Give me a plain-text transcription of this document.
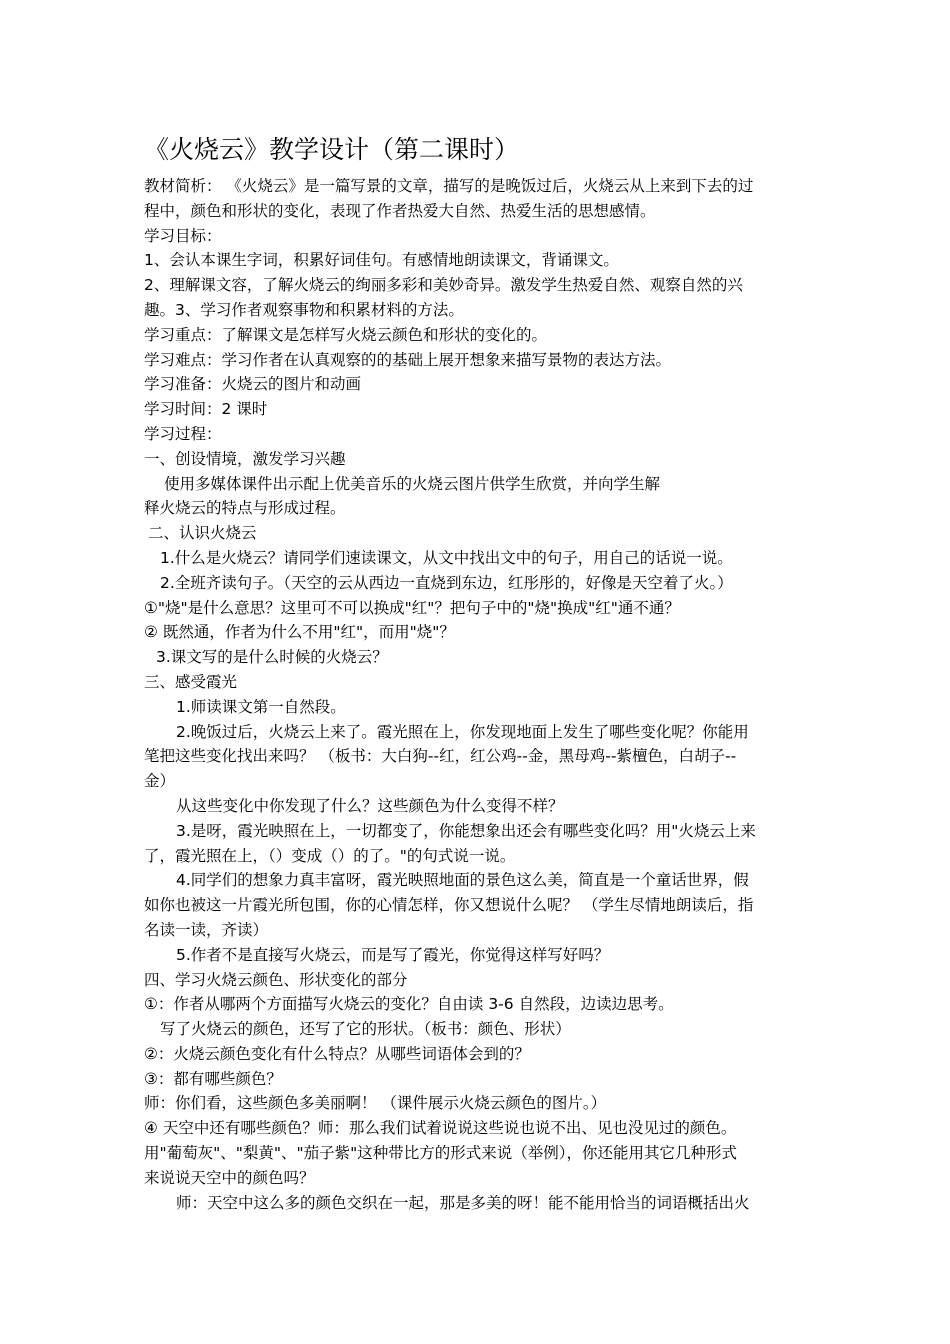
《火烧云》教学设计（第二课时）
教材简析： 《火烧云》是一篇写景的文章，描写的是晚饭过后，火烧云从上来到下去的过
程中，颜色和形状的变化，表现了作者热爱大自然、热爱生活的思想感情。
学习目标：
1、会认本课生字词，积累好词佳句。有感情地朗读课文，背诵课文。
2、理解课文容，了解火烧云的绚丽多彩和美妙奇异。激发学生热爱自然、观察自然的兴
趣。3、学习作者观察事物和积累材料的方法。
学习重点：了解课文是怎样写火烧云颜色和形状的变化的。
学习难点：学习作者在认真观察的的基础上展开想象来描写景物的表达方法。
学习准备：火烧云的图片和动画
学习时间：2 课时
学习过程：
一、创设情境，激发学习兴趣
使用多媒体课件出示配上优美音乐的火烧云图片供学生欣赏，并向学生解
释火烧云的特点与形成过程。
二、认识火烧云
1.什么是火烧云？请同学们速读课文，从文中找出文中的句子，用自己的话说一说。
2.全班齐读句子。（天空的云从西边一直烧到东边，红彤彤的，好像是天空着了火。）
①"烧"是什么意思？这里可不可以换成"红"？把句子中的"烧"换成"红"通不通？
② 既然通，作者为什么不用"红"，而用"烧"？
3.课文写的是什么时候的火烧云？
三、感受霞光
1.师读课文第一自然段。
2.晚饭过后，火烧云上来了。霞光照在上，你发现地面上发生了哪些变化呢？你能用
笔把这些变化找出来吗？ （板书：大白狗--红，红公鸡--金，黑母鸡--紫檀色，白胡子--
金）
从这些变化中你发现了什么？这些颜色为什么变得不样？
3.是呀，霞光映照在上，一切都变了，你能想象出还会有哪些变化吗？用"火烧云上来
了，霞光照在上，（）变成（）的了。"的句式说一说。
4.同学们的想象力真丰富呀，霞光映照地面的景色这么美，简直是一个童话世界，假
如你也被这一片霞光所包围，你的心情怎样，你又想说什么呢？ （学生尽情地朗读后，指
名读一读，齐读）
5.作者不是直接写火烧云，而是写了霞光，你觉得这样写好吗？
四、学习火烧云颜色、形状变化的部分
①：作者从哪两个方面描写火烧云的变化？自由读 3-6 自然段，边读边思考。
写了火烧云的颜色，还写了它的形状。（板书：颜色、形状）
②：火烧云颜色变化有什么特点？从哪些词语体会到的？
③：都有哪些颜色？
师：你们看，这些颜色多美丽啊！ （课件展示火烧云颜色的图片。）
④ 天空中还有哪些颜色？师：那么我们试着说说这些说也说不出、见也没见过的颜色。
用"葡萄灰"、"梨黄"、"茄子紫"这种带比方的形式来说（举例），你还能用其它几种形式
来说说天空中的颜色吗？
师：天空中这么多的颜色交织在一起，那是多美的呀！能不能用恰当的词语概括出火
